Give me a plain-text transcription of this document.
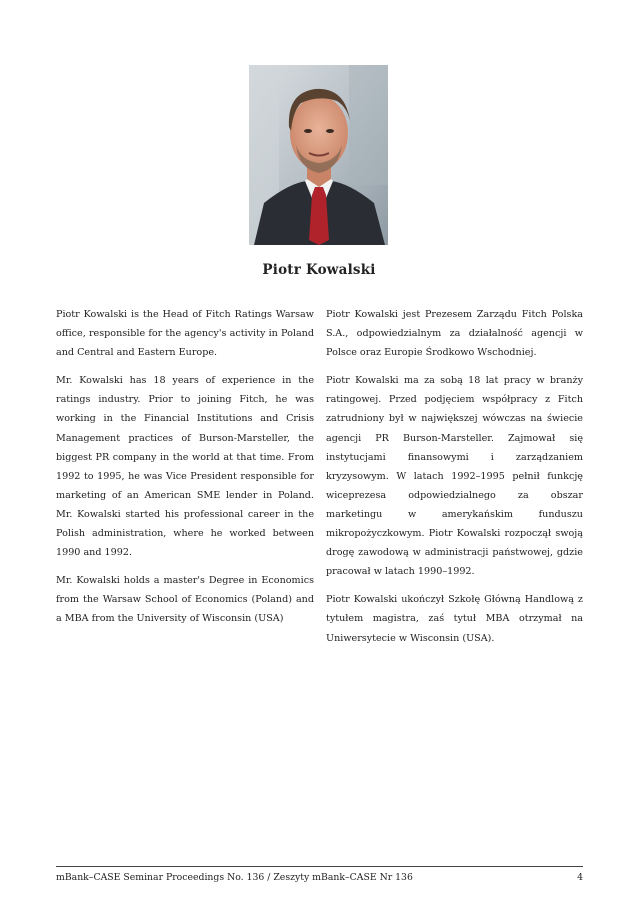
Piotr Kowalski

Piotr Kowalski is the Head of Fitch Ratings Warsaw office, responsible for the agency's activity in Poland and Central and Eastern Europe.

Mr. Kowalski has 18 years of experience in the ratings industry. Prior to joining Fitch, he was working in the Financial Institutions and Crisis Management practices of Burson-Marsteller, the biggest PR company in the world at that time. From 1992 to 1995, he was Vice President responsible for marketing of an American SME lender in Poland. Mr. Kowalski started his professional career in the Polish administration, where he worked between 1990 and 1992.

Mr. Kowalski holds a master's Degree in Economics from the Warsaw School of Economics (Poland) and a MBA from the University of Wisconsin (USA)

Piotr Kowalski jest Prezesem Zarządu Fitch Polska S.A., odpowiedzialnym za działalność agencji w Polsce oraz Europie Środkowo Wschodniej.

Piotr Kowalski ma za sobą 18 lat pracy w branży ratingowej. Przed podjęciem współpracy z Fitch zatrudniony był w największej wówczas na świecie agencji PR Burson-Marsteller. Zajmował się instytucjami finansowymi i zarządzaniem kryzysowym. W latach 1992–1995 pełnił funkcję wiceprezesa odpowiedzialnego za obszar marketingu w amerykańskim funduszu mikropożyczkowym. Piotr Kowalski rozpoczął swoją drogę zawodową w administracji państwowej, gdzie pracował w latach 1990–1992.

Piotr Kowalski ukończył Szkołę Główną Handlową z tytułem magistra, zaś tytuł MBA otrzymał na Uniwersytecie w Wisconsin (USA).

mBank–CASE Seminar Proceedings No. 136 / Zeszyty mBank–CASE Nr 136	4
